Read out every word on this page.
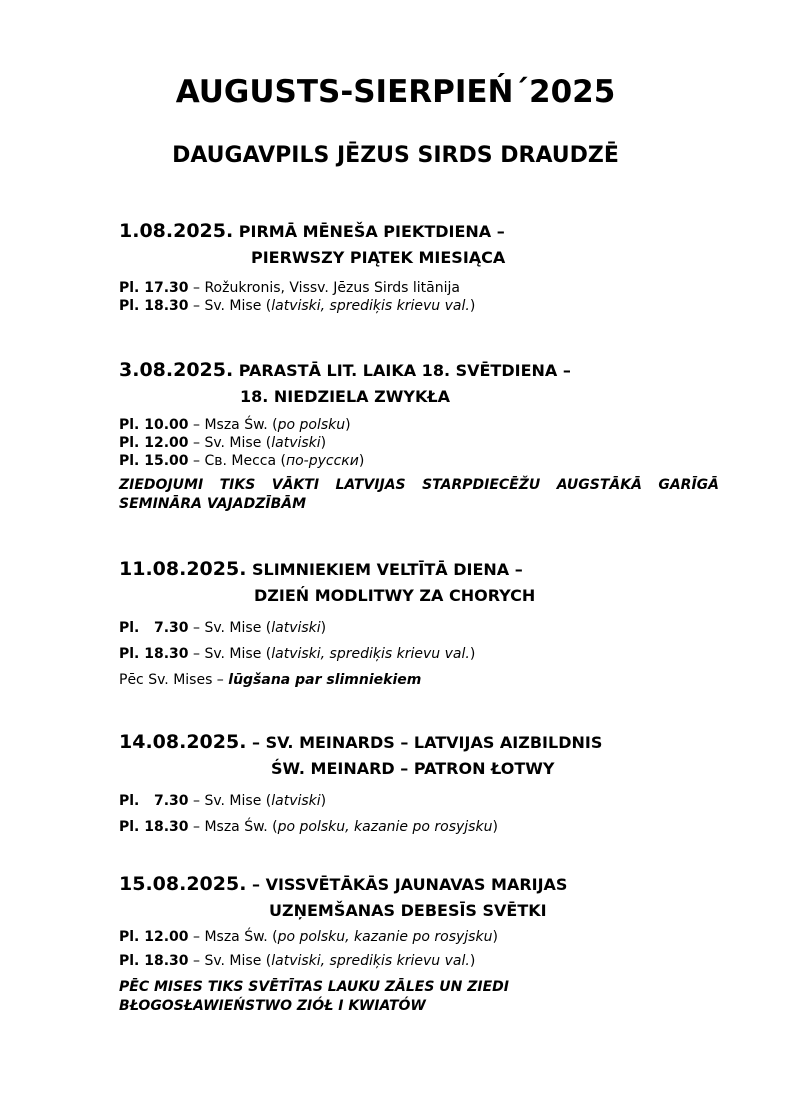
AUGUSTS-SIERPIEŃ´2025
DAUGAVPILS JĒZUS SIRDS DRAUDZĒ
1.08.2025. PIRMĀ MĒNEŠA PIEKTDIENA –
PIERWSZY PIĄTEK MIESIĄCA
Pl. 17.30 – Rožukronis, Vissv. Jēzus Sirds litānija
Pl. 18.30 – Sv. Mise (latviski, sprediķis krievu val.)
3.08.2025. PARASTĀ LIT. LAIKA 18. SVĒTDIENA –
18. NIEDZIELA ZWYKŁA
Pl. 10.00 – Msza Św. (po polsku)
Pl. 12.00 – Sv. Mise (latviski)
Pl. 15.00 – Св. Месса (по-русски)
ZIEDOJUMI TIKS VĀKTI LATVIJAS STARPDIECĒŽU AUGSTĀKĀ GARĪGĀ SEMINĀRA VAJADZĪBĀM
11.08.2025. SLIMNIEKIEM VELTĪTĀ DIENA –
DZIEŃ MODLITWY ZA CHORYCH
Pl.   7.30 – Sv. Mise (latviski)
Pl. 18.30 – Sv. Mise (latviski, sprediķis krievu val.)
Pēc Sv. Mises – lūgšana par slimniekiem
14.08.2025. – SV. MEINARDS – LATVIJAS AIZBILDNIS
ŚW. MEINARD – PATRON ŁOTWY
Pl.   7.30 – Sv. Mise (latviski)
Pl. 18.30 – Msza Św. (po polsku, kazanie po rosyjsku)
15.08.2025. – VISSVĒTĀKĀS JAUNAVAS MARIJAS
UZŅEMŠANAS DEBESĪS SVĒTKI
Pl. 12.00 – Msza Św. (po polsku, kazanie po rosyjsku)
Pl. 18.30 – Sv. Mise (latviski, sprediķis krievu val.)
PĒC MISES TIKS SVĒTĪTAS LAUKU ZĀLES UN ZIEDI
BŁOGOSŁAWIEŃSTWO ZIÓŁ I KWIATÓW
